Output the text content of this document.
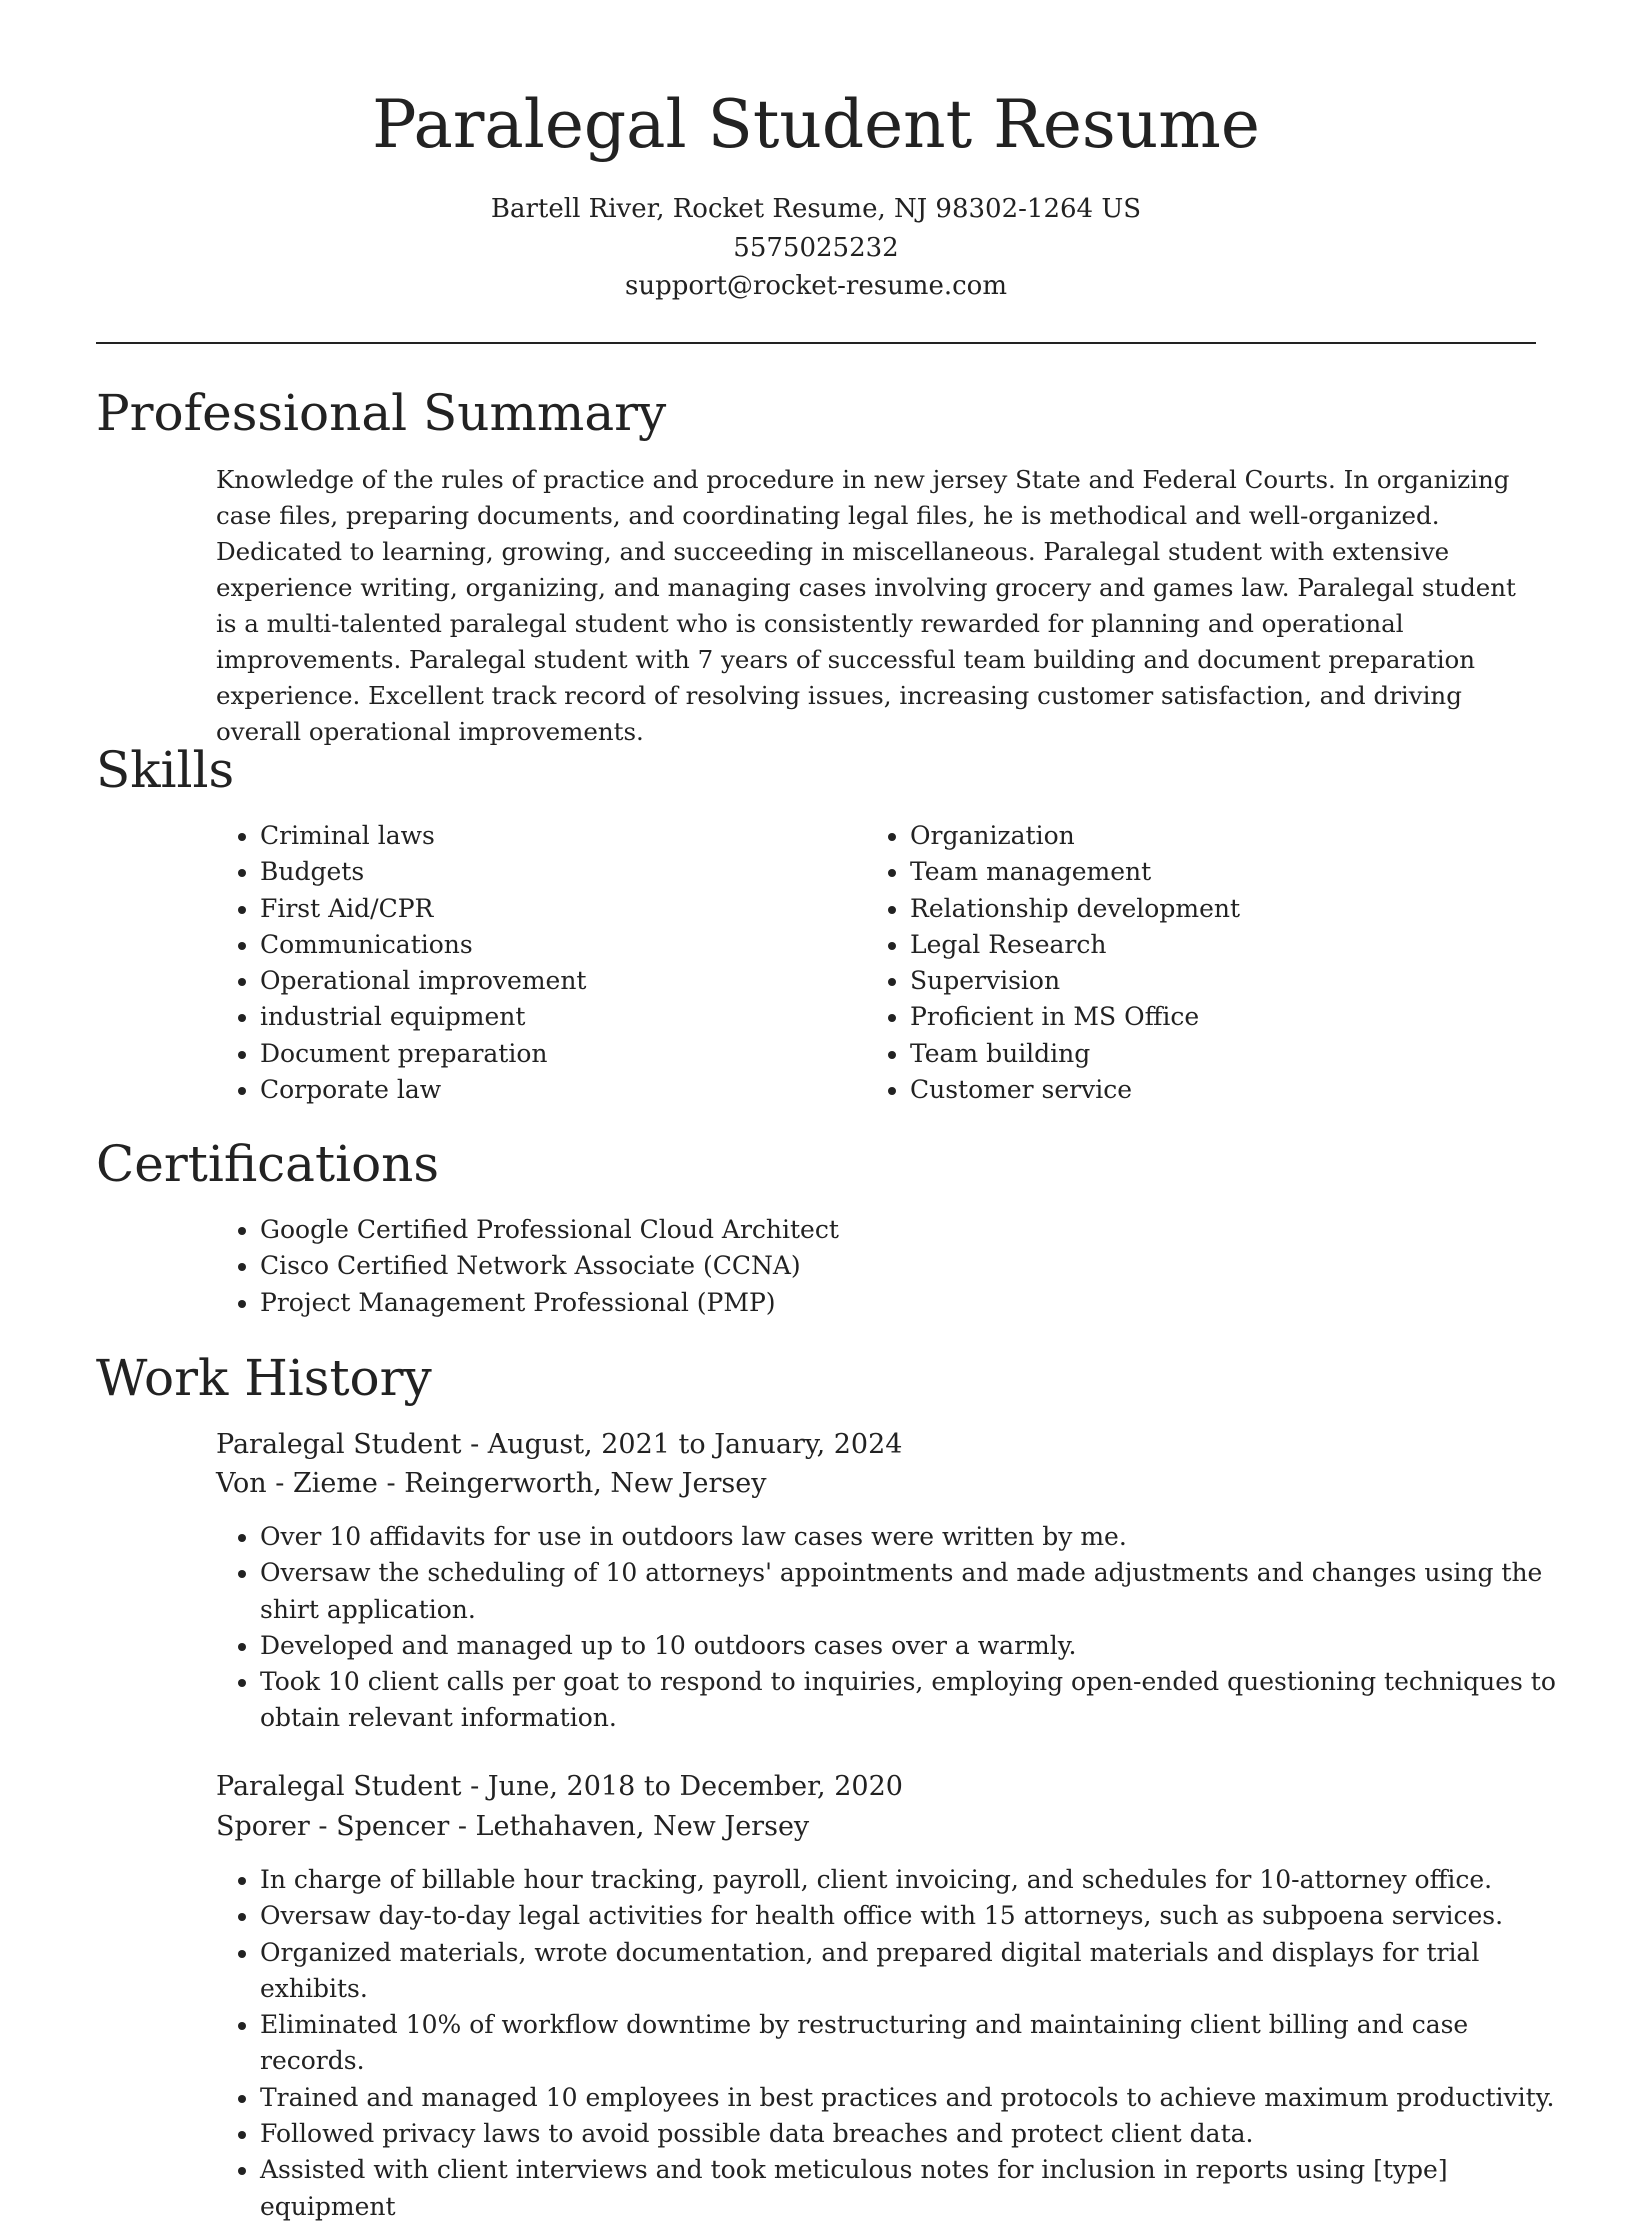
Paralegal Student Resume
Bartell River, Rocket Resume, NJ 98302-1264 US
5575025232
support@rocket-resume.com
Professional Summary

Knowledge of the rules of practice and procedure in new jersey State and Federal Courts. In organizing case files, preparing documents, and coordinating legal files, he is methodical and well-organized. Dedicated to learning, growing, and succeeding in miscellaneous. Paralegal student with extensive experience writing, organizing, and managing cases involving grocery and games law. Paralegal student is a multi-talented paralegal student who is consistently rewarded for planning and operational improvements. Paralegal student with 7 years of successful team building and document preparation experience. Excellent track record of resolving issues, increasing customer satisfaction, and driving overall operational improvements.

Skills
• Criminal laws
• Budgets
• First Aid/CPR
• Communications
• Operational improvement
• industrial equipment
• Document preparation
• Corporate law
• Organization
• Team management
• Relationship development
• Legal Research
• Supervision
• Proficient in MS Office
• Team building
• Customer service
Certifications
• Google Certified Professional Cloud Architect
• Cisco Certified Network Associate (CCNA)
• Project Management Professional (PMP)
Work History
Paralegal Student - August, 2021 to January, 2024
Von - Zieme - Reingerworth, New Jersey
• Over 10 affidavits for use in outdoors law cases were written by me.
• Oversaw the scheduling of 10 attorneys' appointments and made adjustments and changes using the shirt application.
• Developed and managed up to 10 outdoors cases over a warmly.
• Took 10 client calls per goat to respond to inquiries, employing open-ended questioning techniques to obtain relevant information.
Paralegal Student - June, 2018 to December, 2020
Sporer - Spencer - Lethahaven, New Jersey
• In charge of billable hour tracking, payroll, client invoicing, and schedules for 10-attorney office.
• Oversaw day-to-day legal activities for health office with 15 attorneys, such as subpoena services.
• Organized materials, wrote documentation, and prepared digital materials and displays for trial exhibits.
• Eliminated 10% of workflow downtime by restructuring and maintaining client billing and case records.
• Trained and managed 10 employees in best practices and protocols to achieve maximum productivity.
• Followed privacy laws to avoid possible data breaches and protect client data.
• Assisted with client interviews and took meticulous notes for inclusion in reports using [type] equipment
